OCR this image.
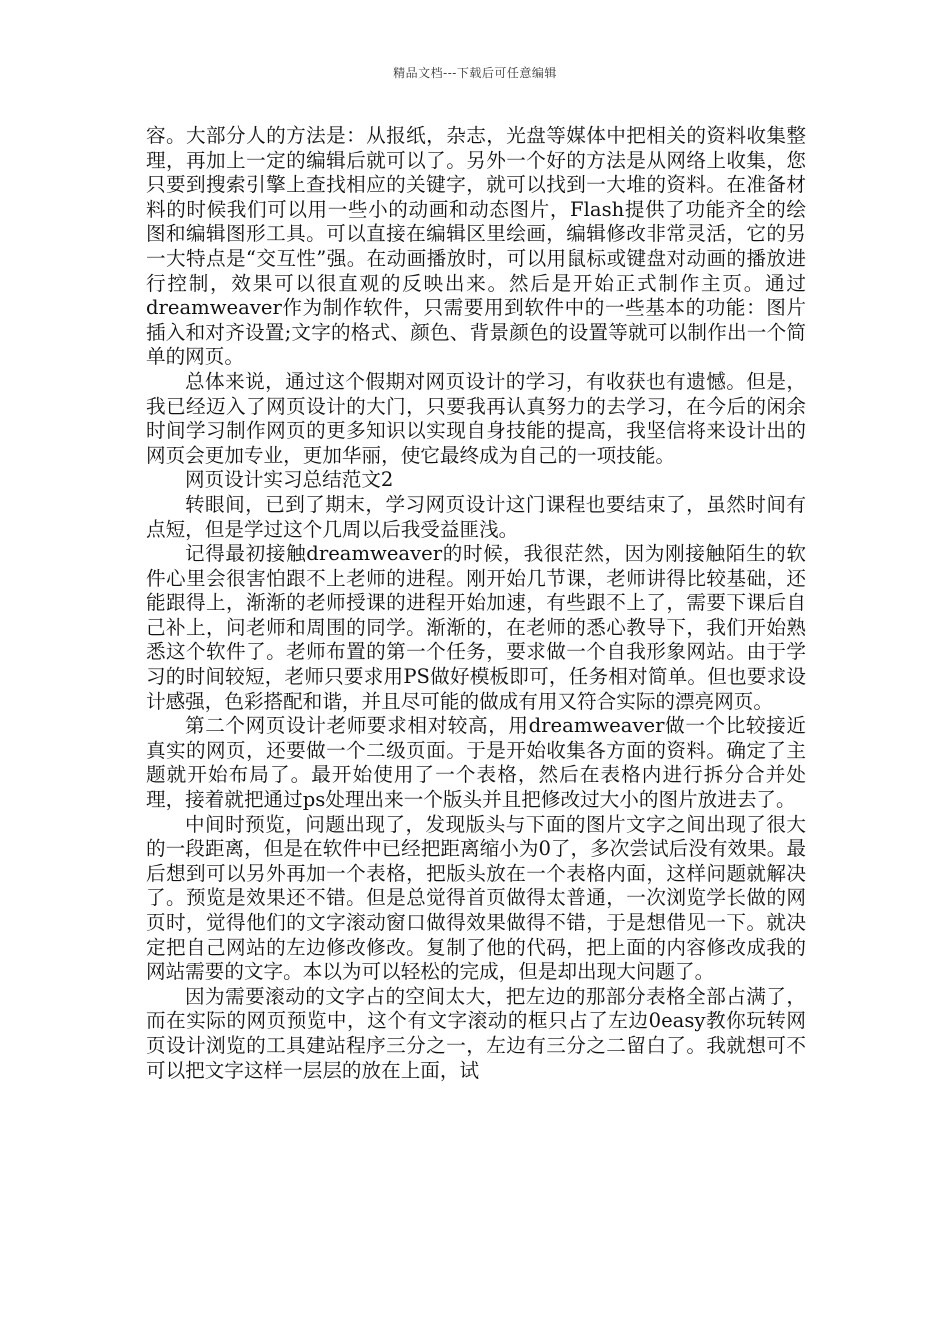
精品文档---下载后可任意编辑

容。大部分人的方法是：从报纸，杂志，光盘等媒体中把相关的资料收集整理，再加上一定的编辑后就可以了。另外一个好的方法是从网络上收集，您只要到搜索引擎上查找相应的关键字，就可以找到一大堆的资料。在准备材料的时候我们可以用一些小的动画和动态图片，Flash提供了功能齐全的绘图和编辑图形工具。可以直接在编辑区里绘画，编辑修改非常灵活，它的另一大特点是“交互性”强。在动画播放时，可以用鼠标或键盘对动画的播放进行控制，效果可以很直观的反映出来。然后是开始正式制作主页。通过dreamweaver作为制作软件，只需要用到软件中的一些基本的功能：图片插入和对齐设置;文字的格式、颜色、背景颜色的设置等就可以制作出一个简单的网页。

总体来说，通过这个假期对网页设计的学习，有收获也有遗憾。但是，我已经迈入了网页设计的大门，只要我再认真努力的去学习，在今后的闲余时间学习制作网页的更多知识以实现自身技能的提高，我坚信将来设计出的网页会更加专业，更加华丽，使它最终成为自己的一项技能。

网页设计实习总结范文2

转眼间，已到了期末，学习网页设计这门课程也要结束了，虽然时间有点短，但是学过这个几周以后我受益匪浅。

记得最初接触dreamweaver的时候，我很茫然，因为刚接触陌生的软件心里会很害怕跟不上老师的进程。刚开始几节课，老师讲得比较基础，还能跟得上，渐渐的老师授课的进程开始加速，有些跟不上了，需要下课后自己补上，问老师和周围的同学。渐渐的，在老师的悉心教导下，我们开始熟悉这个软件了。老师布置的第一个任务，要求做一个自我形象网站。由于学习的时间较短，老师只要求用PS做好模板即可，任务相对简单。但也要求设计感强，色彩搭配和谐，并且尽可能的做成有用又符合实际的漂亮网页。

第二个网页设计老师要求相对较高，用dreamweaver做一个比较接近真实的网页，还要做一个二级页面。于是开始收集各方面的资料。确定了主题就开始布局了。最开始使用了一个表格，然后在表格内进行拆分合并处理，接着就把通过ps处理出来一个版头并且把修改过大小的图片放进去了。

中间时预览，问题出现了，发现版头与下面的图片文字之间出现了很大的一段距离，但是在软件中已经把距离缩小为0了，多次尝试后没有效果。最后想到可以另外再加一个表格，把版头放在一个表格内面，这样问题就解决了。预览是效果还不错。但是总觉得首页做得太普通，一次浏览学长做的网页时，觉得他们的文字滚动窗口做得效果做得不错，于是想借见一下。就决定把自己网站的左边修改修改。复制了他的代码，把上面的内容修改成我的网站需要的文字。本以为可以轻松的完成，但是却出现大问题了。

因为需要滚动的文字占的空间太大，把左边的那部分表格全部占满了，而在实际的网页预览中，这个有文字滚动的框只占了左边0easy教你玩转网页设计浏览的工具建站程序三分之一，左边有三分之二留白了。我就想可不可以把文字这样一层层的放在上面，试
